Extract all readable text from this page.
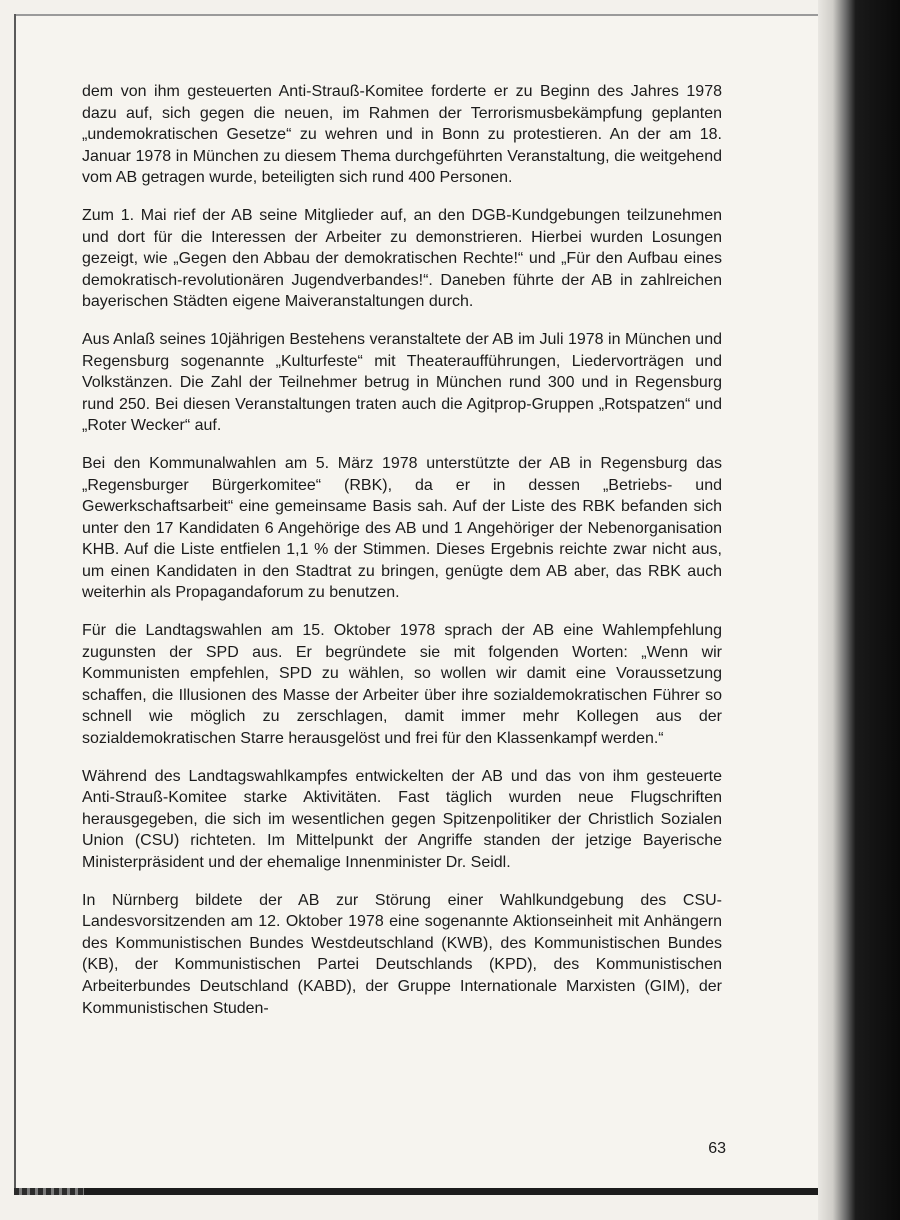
dem von ihm gesteuerten Anti-Strauß-Komitee forderte er zu Beginn des Jahres 1978 dazu auf, sich gegen die neuen, im Rahmen der Terrorismusbekämpfung geplanten „undemokratischen Gesetze“ zu wehren und in Bonn zu protestieren. An der am 18. Januar 1978 in München zu diesem Thema durchgeführten Veranstaltung, die weitgehend vom AB getragen wurde, beteiligten sich rund 400 Personen.

Zum 1. Mai rief der AB seine Mitglieder auf, an den DGB-Kundgebungen teilzunehmen und dort für die Interessen der Arbeiter zu demonstrieren. Hierbei wurden Losungen gezeigt, wie „Gegen den Abbau der demokratischen Rechte!“ und „Für den Aufbau eines demokratisch-revolutionären Jugendverbandes!“. Daneben führte der AB in zahlreichen bayerischen Städten eigene Maiveranstaltungen durch.

Aus Anlaß seines 10jährigen Bestehens veranstaltete der AB im Juli 1978 in München und Regensburg sogenannte „Kulturfeste“ mit Theateraufführungen, Liedervorträgen und Volkstänzen. Die Zahl der Teilnehmer betrug in München rund 300 und in Regensburg rund 250. Bei diesen Veranstaltungen traten auch die Agitprop-Gruppen „Rotspatzen“ und „Roter Wecker“ auf.

Bei den Kommunalwahlen am 5. März 1978 unterstützte der AB in Regensburg das „Regensburger Bürgerkomitee“ (RBK), da er in dessen „Betriebs- und Gewerkschaftsarbeit“ eine gemeinsame Basis sah. Auf der Liste des RBK befanden sich unter den 17 Kandidaten 6 Angehörige des AB und 1 Angehöriger der Nebenorganisation KHB. Auf die Liste entfielen 1,1 % der Stimmen. Dieses Ergebnis reichte zwar nicht aus, um einen Kandidaten in den Stadtrat zu bringen, genügte dem AB aber, das RBK auch weiterhin als Propagandaforum zu benutzen.

Für die Landtagswahlen am 15. Oktober 1978 sprach der AB eine Wahlempfehlung zugunsten der SPD aus. Er begründete sie mit folgenden Worten: „Wenn wir Kommunisten empfehlen, SPD zu wählen, so wollen wir damit eine Voraussetzung schaffen, die Illusionen des Masse der Arbeiter über ihre sozialdemokratischen Führer so schnell wie möglich zu zerschlagen, damit immer mehr Kollegen aus der sozialdemokratischen Starre herausgelöst und frei für den Klassenkampf werden.“

Während des Landtagswahlkampfes entwickelten der AB und das von ihm gesteuerte Anti-Strauß-Komitee starke Aktivitäten. Fast täglich wurden neue Flugschriften herausgegeben, die sich im wesentlichen gegen Spitzenpolitiker der Christlich Sozialen Union (CSU) richteten. Im Mittelpunkt der Angriffe standen der jetzige Bayerische Ministerpräsident und der ehemalige Innenminister Dr. Seidl.

In Nürnberg bildete der AB zur Störung einer Wahlkundgebung des CSU-Landesvorsitzenden am 12. Oktober 1978 eine sogenannte Aktionseinheit mit Anhängern des Kommunistischen Bundes Westdeutschland (KWB), des Kommunistischen Bundes (KB), der Kommunistischen Partei Deutschlands (KPD), des Kommunistischen Arbeiterbundes Deutschland (KABD), der Gruppe Internationale Marxisten (GIM), der Kommunistischen Studen-

63
